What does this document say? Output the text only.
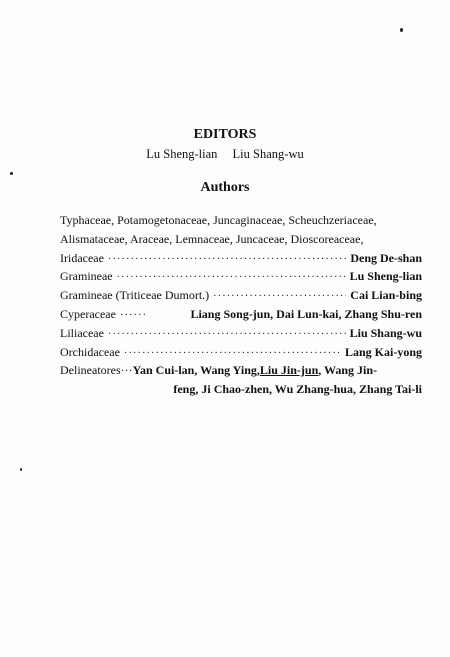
EDITORS
Lu Sheng-lian Liu Shang-wu
Authors
Typhaceae, Potamogetonaceae, Juncaginaceae, Scheuchzeriaceae,
Alismataceae, Araceae, Lemnaceae, Juncaceae, Dioscoreaceae,
Iridaceae ·····	Deng De-shan
Gramineae ·····	Lu Sheng-lian
Gramineae (Triticeae Dumort.) ·····	Cai Lian-bing
Cyperaceae ·····	Liang Song-jun, Dai Lun-kai, Zhang Shu-ren
Liliaceae ·····	Liu Shang-wu
Orchidaceae ·····	Lang Kai-yong
Delineatores··· Yan Cui-lan, Wang Ying, Liu Jin-jun , Wang Jin-
feng, Ji Chao-zhen, Wu Zhang-hua, Zhang Tai-li
